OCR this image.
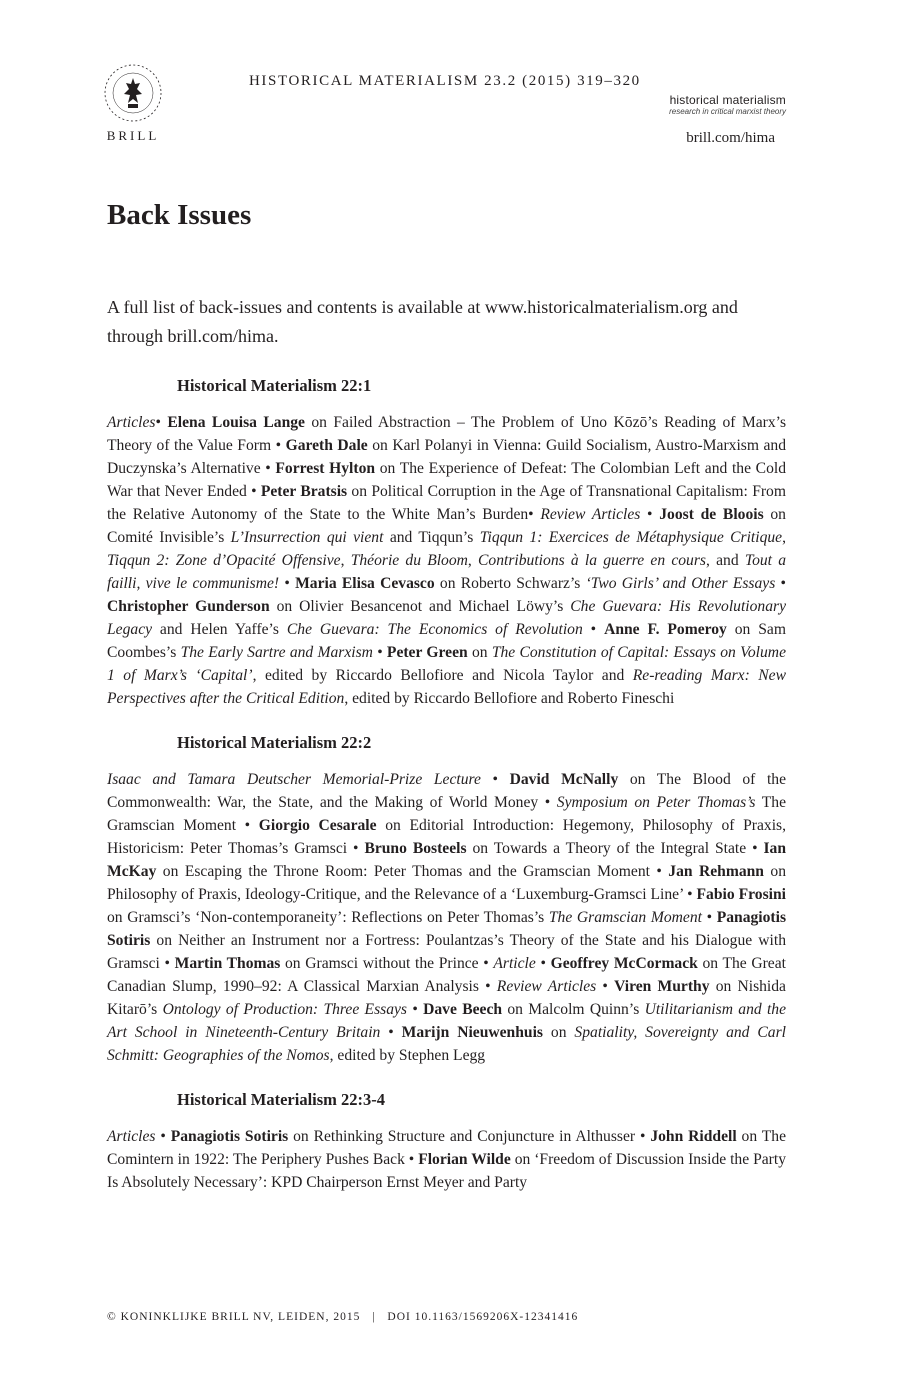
BRILL
HISTORICAL MATERIALISM 23.2 (2015) 319–320
historical materialism
research in critical marxist theory
brill.com/hima
Back Issues

A full list of back-issues and contents is available at www.historicalmaterialism.org and through brill.com/hima.

Historical Materialism 22:1

Articles• Elena Louisa Lange on Failed Abstraction – The Problem of Uno Kōzō’s Reading of Marx’s Theory of the Value Form • Gareth Dale on Karl Polanyi in Vienna: Guild Socialism, Austro-Marxism and Duczynska’s Alternative • Forrest Hylton on The Experience of Defeat: The Colombian Left and the Cold War that Never Ended • Peter Bratsis on Political Corruption in the Age of Transnational Capitalism: From the Relative Autonomy of the State to the White Man’s Burden• Review Articles • Joost de Bloois on Comité Invisible’s L’Insurrection qui vient and Tiqqun’s Tiqqun 1: Exercices de Métaphysique Critique, Tiqqun 2: Zone d’Opacité Offensive, Théorie du Bloom, Contributions à la guerre en cours, and Tout a failli, vive le communisme! • Maria Elisa Cevasco on Roberto Schwarz’s ‘Two Girls’ and Other Essays • Christopher Gunderson on Olivier Besancenot and Michael Löwy’s Che Guevara: His Revolutionary Legacy and Helen Yaffe’s Che Guevara: The Economics of Revolution • Anne F. Pomeroy on Sam Coombes’s The Early Sartre and Marxism • Peter Green on The Constitution of Capital: Essays on Volume 1 of Marx’s ‘Capital’, edited by Riccardo Bellofiore and Nicola Taylor and Re-reading Marx: New Perspectives after the Critical Edition, edited by Riccardo Bellofiore and Roberto Fineschi

Historical Materialism 22:2

Isaac and Tamara Deutscher Memorial-Prize Lecture • David McNally on The Blood of the Commonwealth: War, the State, and the Making of World Money • Symposium on Peter Thomas’s The Gramscian Moment • Giorgio Cesarale on Editorial Introduction: Hegemony, Philosophy of Praxis, Historicism: Peter Thomas’s Gramsci • Bruno Bosteels on Towards a Theory of the Integral State • Ian McKay on Escaping the Throne Room: Peter Thomas and the Gramscian Moment • Jan Rehmann on Philosophy of Praxis, Ideology-Critique, and the Relevance of a ‘Luxemburg-Gramsci Line’ • Fabio Frosini on Gramsci’s ‘Non-contemporaneity’: Reflections on Peter Thomas’s The Gramscian Moment • Panagiotis Sotiris on Neither an Instrument nor a Fortress: Poulantzas’s Theory of the State and his Dialogue with Gramsci • Martin Thomas on Gramsci without the Prince • Article • Geoffrey McCormack on The Great Canadian Slump, 1990–92: A Classical Marxian Analysis • Review Articles • Viren Murthy on Nishida Kitarō’s Ontology of Production: Three Essays • Dave Beech on Malcolm Quinn’s Utilitarianism and the Art School in Nineteenth-Century Britain • Marijn Nieuwenhuis on Spatiality, Sovereignty and Carl Schmitt: Geographies of the Nomos, edited by Stephen Legg

Historical Materialism 22:3-4

Articles • Panagiotis Sotiris on Rethinking Structure and Conjuncture in Althusser • John Riddell on The Comintern in 1922: The Periphery Pushes Back • Florian Wilde on ‘Freedom of Discussion Inside the Party Is Absolutely Necessary’: KPD Chairperson Ernst Meyer and Party

© KONINKLIJKE BRILL NV, LEIDEN, 2015 | DOI 10.1163/1569206X-12341416
